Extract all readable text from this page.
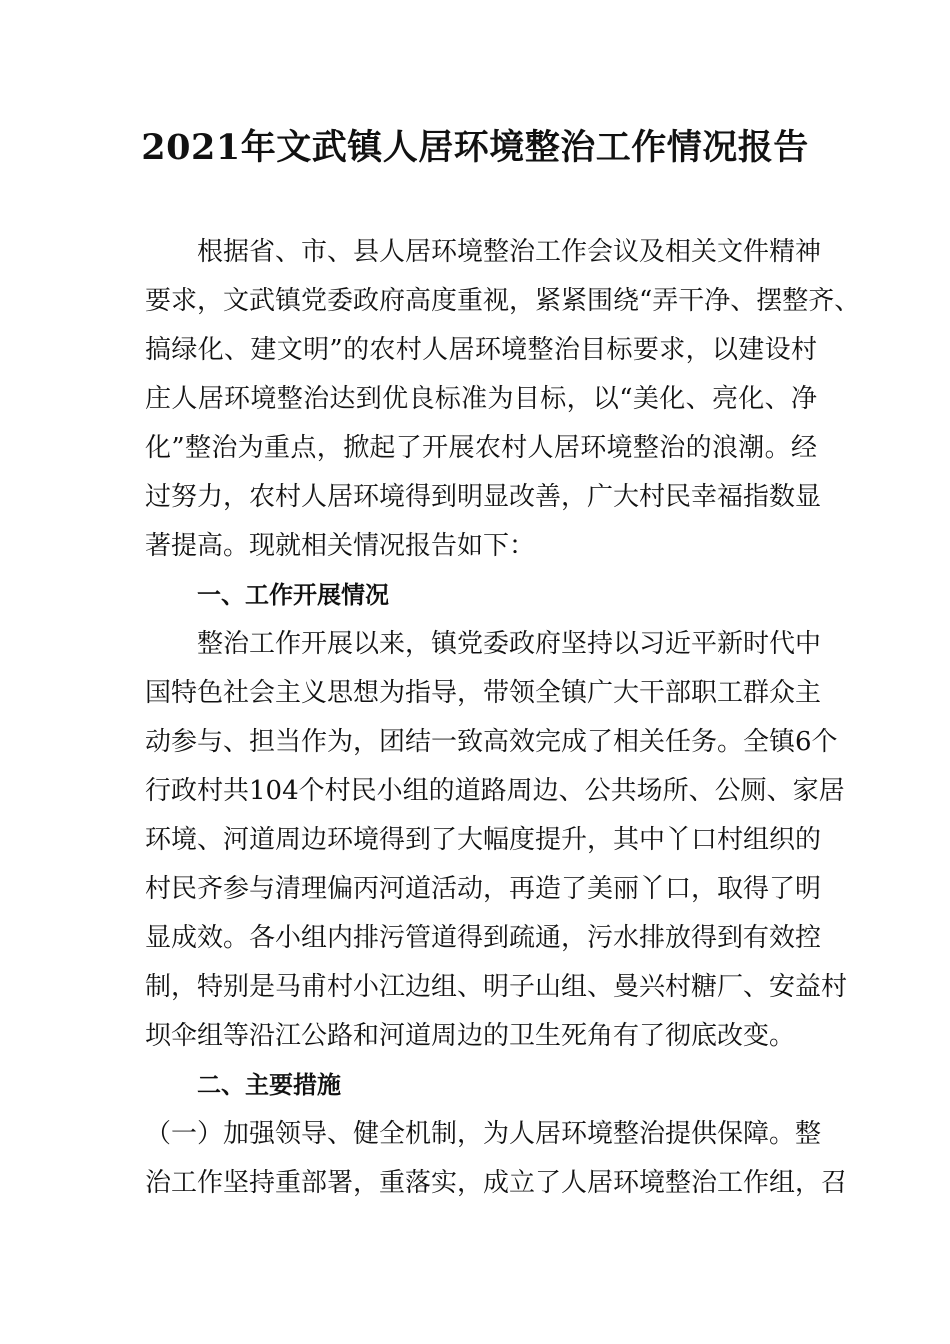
2021年文武镇人居环境整治工作情况报告
根据省、市、县人居环境整治工作会议及相关文件精神
要求，文武镇党委政府高度重视，紧紧围绕“弄干净、摆整齐、
搞绿化、建文明”的农村人居环境整治目标要求，以建设村
庄人居环境整治达到优良标准为目标，以“美化、亮化、净
化”整治为重点，掀起了开展农村人居环境整治的浪潮。经
过努力，农村人居环境得到明显改善，广大村民幸福指数显
著提高。现就相关情况报告如下：
一、工作开展情况
整治工作开展以来，镇党委政府坚持以习近平新时代中
国特色社会主义思想为指导，带领全镇广大干部职工群众主
动参与、担当作为，团结一致高效完成了相关任务。全镇6个
行政村共104个村民小组的道路周边、公共场所、公厕、家居
环境、河道周边环境得到了大幅度提升，其中丫口村组织的
村民齐参与清理偏丙河道活动，再造了美丽丫口，取得了明
显成效。各小组内排污管道得到疏通，污水排放得到有效控
制，特别是马甫村小江边组、明子山组、曼兴村糖厂、安益村
坝伞组等沿江公路和河道周边的卫生死角有了彻底改变。
二、主要措施
（一）加强领导、健全机制，为人居环境整治提供保障。整
治工作坚持重部署，重落实，成立了人居环境整治工作组，召
